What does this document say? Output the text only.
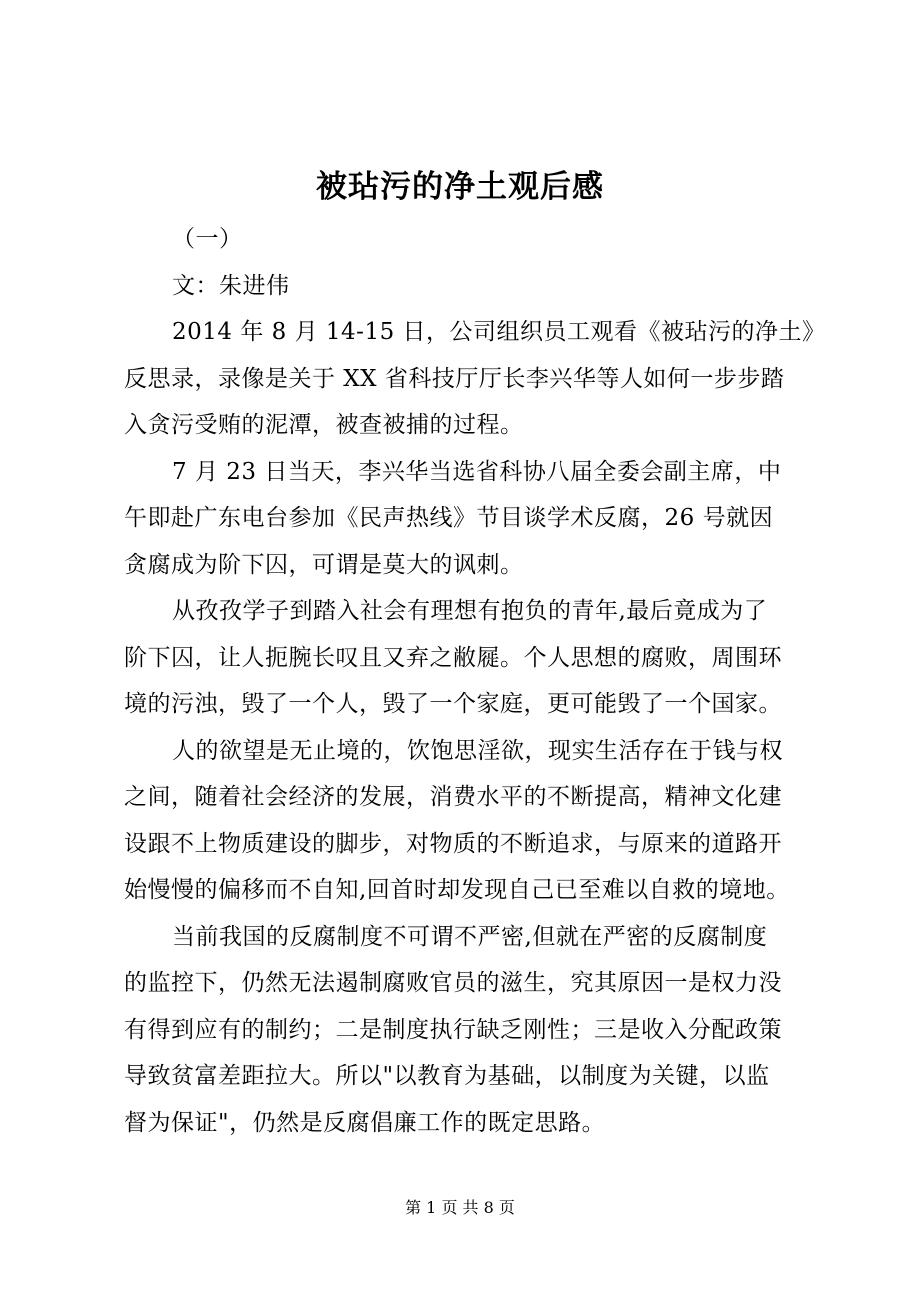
被玷污的净土观后感
（一）
文：朱进伟
2014 年 8 月 14-15 日，公司组织员工观看《被玷污的净土》
反思录，录像是关于 XX 省科技厅厅长李兴华等人如何一步步踏
入贪污受贿的泥潭，被查被捕的过程。
7 月 23 日当天，李兴华当选省科协八届全委会副主席，中
午即赴广东电台参加《民声热线》节目谈学术反腐，26 号就因
贪腐成为阶下囚，可谓是莫大的讽刺。
从孜孜学子到踏入社会有理想有抱负的青年,最后竟成为了
阶下囚，让人扼腕长叹且又弃之敝屣。个人思想的腐败，周围环
境的污浊，毁了一个人，毁了一个家庭，更可能毁了一个国家。
人的欲望是无止境的，饮饱思淫欲，现实生活存在于钱与权
之间，随着社会经济的发展，消费水平的不断提高，精神文化建
设跟不上物质建设的脚步，对物质的不断追求，与原来的道路开
始慢慢的偏移而不自知,回首时却发现自己已至难以自救的境地。
当前我国的反腐制度不可谓不严密,但就在严密的反腐制度
的监控下，仍然无法遏制腐败官员的滋生，究其原因一是权力没
有得到应有的制约；二是制度执行缺乏刚性；三是收入分配政策
导致贫富差距拉大。所以"以教育为基础，以制度为关键，以监
督为保证"，仍然是反腐倡廉工作的既定思路。
第 1 页 共 8 页
